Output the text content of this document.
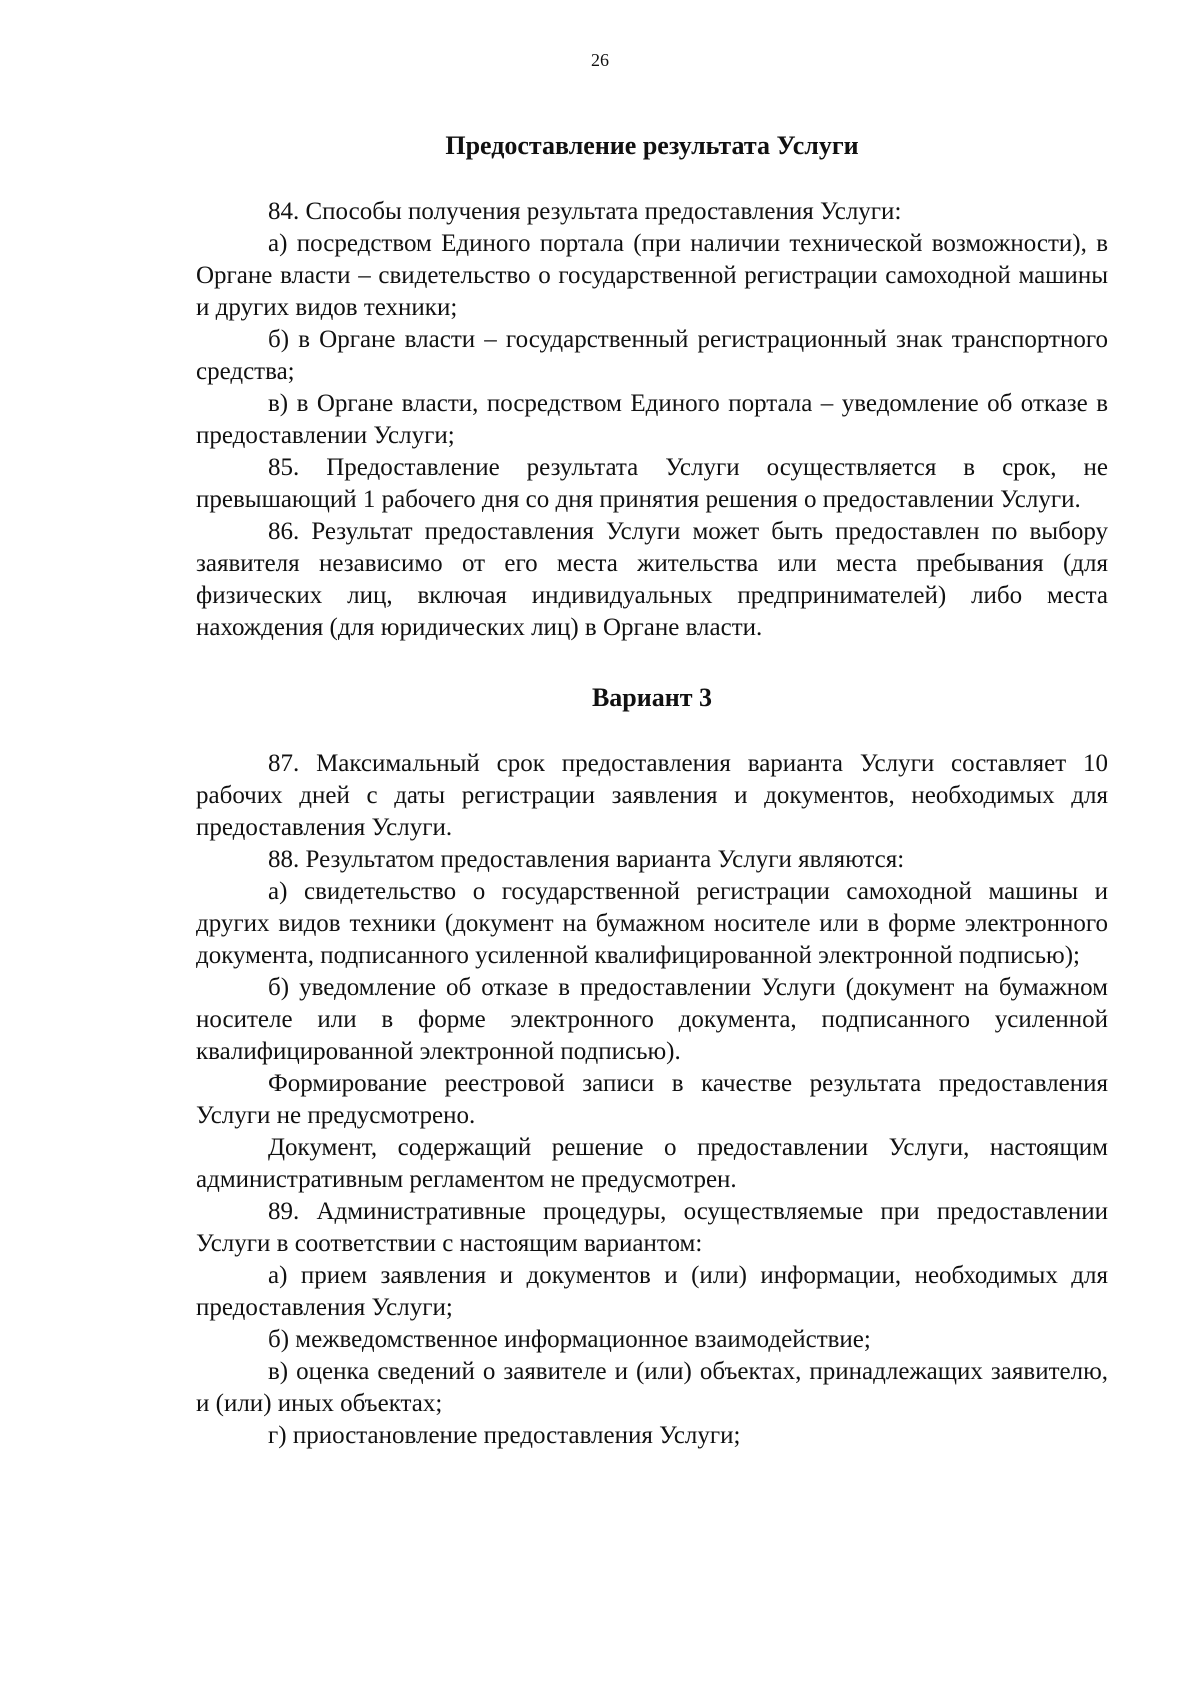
26
Предоставление результата Услуги

84. Способы получения результата предоставления Услуги:

а) посредством Единого портала (при наличии технической возможности), в Органе власти – свидетельство о государственной регистрации самоходной машины и других видов техники;

б) в Органе власти – государственный регистрационный знак транспортного средства;

в) в Органе власти, посредством Единого портала – уведомление об отказе в предоставлении Услуги;

85. Предоставление результата Услуги осуществляется в срок, не превышающий 1 рабочего дня со дня принятия решения о предоставлении Услуги.

86. Результат предоставления Услуги может быть предоставлен по выбору заявителя независимо от его места жительства или места пребывания (для физических лиц, включая индивидуальных предпринимателей) либо места нахождения (для юридических лиц) в Органе власти.

Вариант 3

87. Максимальный срок предоставления варианта Услуги составляет 10 рабочих дней с даты регистрации заявления и документов, необходимых для предоставления Услуги.

88. Результатом предоставления варианта Услуги являются:

а) свидетельство о государственной регистрации самоходной машины и других видов техники (документ на бумажном носителе или в форме электронного документа, подписанного усиленной квалифицированной электронной подписью);

б) уведомление об отказе в предоставлении Услуги (документ на бумажном носителе или в форме электронного документа, подписанного усиленной квалифицированной электронной подписью).

Формирование реестровой записи в качестве результата предоставления Услуги не предусмотрено.

Документ, содержащий решение о предоставлении Услуги, настоящим административным регламентом не предусмотрен.

89. Административные процедуры, осуществляемые при предоставлении Услуги в соответствии с настоящим вариантом:

а) прием заявления и документов и (или) информации, необходимых для предоставления Услуги;

б) межведомственное информационное взаимодействие;

в) оценка сведений о заявителе и (или) объектах, принадлежащих заявителю, и (или) иных объектах;

г) приостановление предоставления Услуги;
